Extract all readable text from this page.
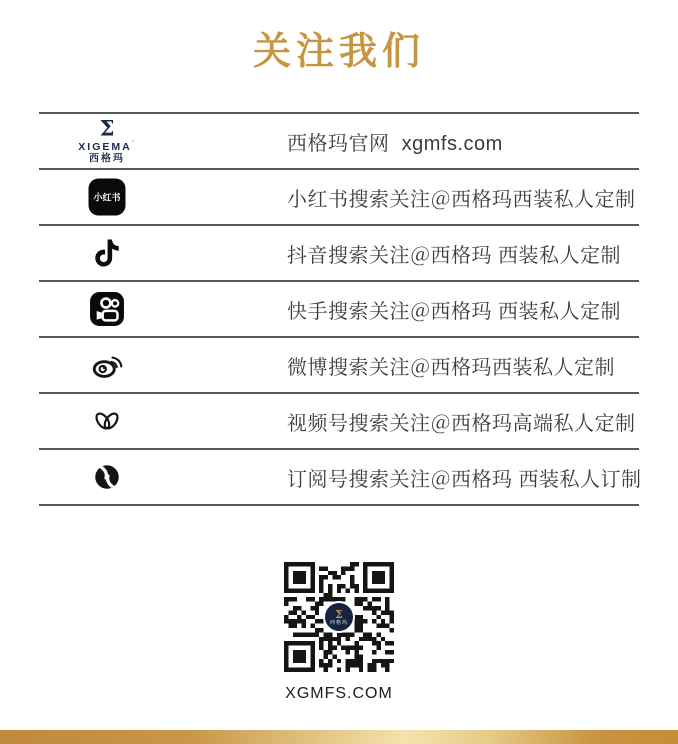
关注我们
Σ
XIGEMA´
西格玛
西格玛官网  xgmfs.com
小红书	小红书搜索关注＠西格玛西装私人定制
抖音搜索关注＠西格玛 西装私人定制
快手搜索关注＠西格玛 西装私人定制
微博搜索关注＠西格玛西装私人定制
视频号搜索关注＠西格玛高端私人定制
订阅号搜索关注＠西格玛 西装私人订制
Σ
西格玛
XGMFS.COM
